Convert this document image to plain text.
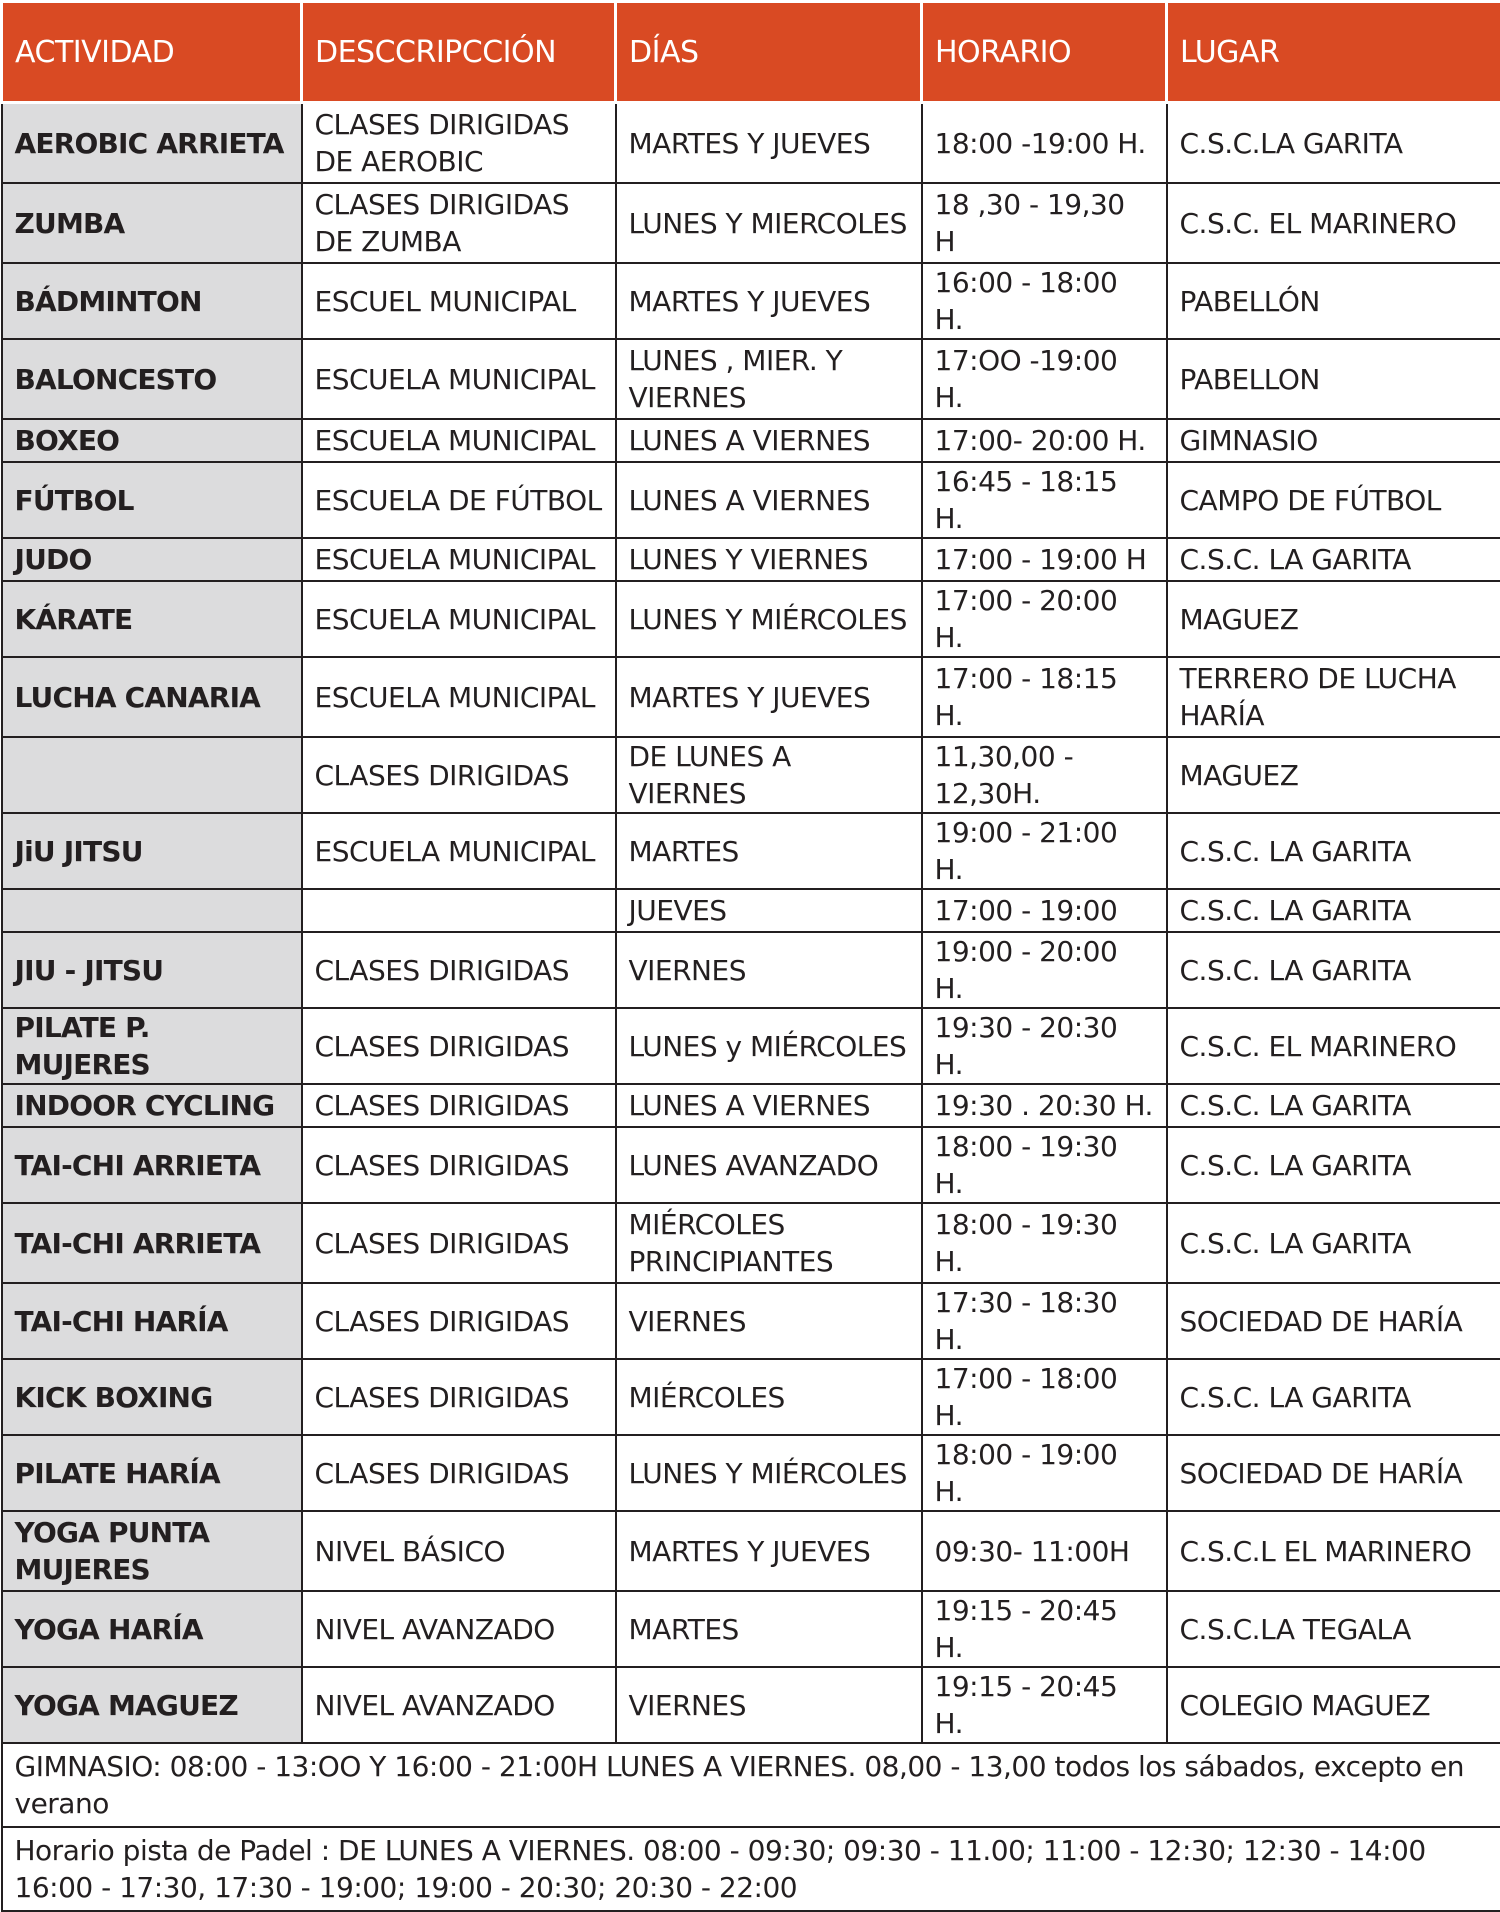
ACTIVIDAD	DESCCRIPCCIÓN	DÍAS	HORARIO	LUGAR
AEROBIC ARRIETA	CLASES DIRIGIDAS DE AEROBIC	MARTES Y JUEVES	18:00 -19:00 H.	C.S.C.LA GARITA
ZUMBA	CLASES DIRIGIDAS DE ZUMBA	LUNES Y MIERCOLES	18 ,30 - 19,30 H	C.S.C. EL MARINERO
BÁDMINTON	ESCUEL MUNICIPAL	MARTES Y JUEVES	16:00 - 18:00 H.	PABELLÓN
BALONCESTO	ESCUELA MUNICIPAL	LUNES , MIER. Y VIERNES	17:OO -19:00 H.	PABELLON
BOXEO	ESCUELA MUNICIPAL	LUNES A VIERNES	17:00- 20:00 H.	GIMNASIO
FÚTBOL	ESCUELA DE FÚTBOL	LUNES A VIERNES	16:45 - 18:15 H.	CAMPO DE FÚTBOL
JUDO	ESCUELA MUNICIPAL	LUNES Y VIERNES	17:00 - 19:00 H	C.S.C. LA GARITA
KÁRATE	ESCUELA MUNICIPAL	LUNES Y MIÉRCOLES	17:00 - 20:00 H.	MAGUEZ
LUCHA CANARIA	ESCUELA MUNICIPAL	MARTES Y JUEVES	17:00 - 18:15 H.	TERRERO DE LUCHA HARÍA
	CLASES DIRIGIDAS	DE LUNES A VIERNES	11,30,00 - 12,30H.	MAGUEZ
JiU JITSU	ESCUELA MUNICIPAL	MARTES	19:00 - 21:00 H.	C.S.C. LA GARITA
		JUEVES	17:00 - 19:00	C.S.C. LA GARITA
JIU - JITSU	CLASES DIRIGIDAS	VIERNES	19:00 - 20:00 H.	C.S.C. LA GARITA
PILATE P. MUJERES	CLASES DIRIGIDAS	LUNES y MIÉRCOLES	19:30 - 20:30 H.	C.S.C. EL MARINERO
INDOOR CYCLING	CLASES DIRIGIDAS	LUNES A VIERNES	19:30 . 20:30 H.	C.S.C. LA GARITA
TAI-CHI ARRIETA	CLASES DIRIGIDAS	LUNES AVANZADO	18:00 - 19:30 H.	C.S.C. LA GARITA
TAI-CHI ARRIETA	CLASES DIRIGIDAS	MIÉRCOLES PRINCIPIANTES	18:00 - 19:30 H.	C.S.C. LA GARITA
TAI-CHI HARÍA	CLASES DIRIGIDAS	VIERNES	17:30 - 18:30 H.	SOCIEDAD DE HARÍA
KICK BOXING	CLASES DIRIGIDAS	MIÉRCOLES	17:00 - 18:00 H.	C.S.C. LA GARITA
PILATE HARÍA	CLASES DIRIGIDAS	LUNES Y MIÉRCOLES	18:00 - 19:00 H.	SOCIEDAD DE HARÍA
YOGA PUNTA MUJERES	NIVEL BÁSICO	MARTES Y JUEVES	09:30- 11:00H	C.S.C.L EL MARINERO
YOGA HARÍA	NIVEL AVANZADO	MARTES	19:15 - 20:45 H.	C.S.C.LA TEGALA
YOGA MAGUEZ	NIVEL AVANZADO	VIERNES	19:15 - 20:45 H.	COLEGIO MAGUEZ
GIMNASIO: 08:00 - 13:OO Y 16:00 - 21:00H LUNES A VIERNES. 08,00 - 13,00 todos los sábados, excepto en verano				

Horario pista de Padel : DE LUNES A VIERNES. 08:00 - 09:30; 09:30 - 11.00; 11:00 - 12:30; 12:30 - 14:00
16:00 - 17:30, 17:30 - 19:00; 19:00 - 20:30; 20:30 - 22:00				
